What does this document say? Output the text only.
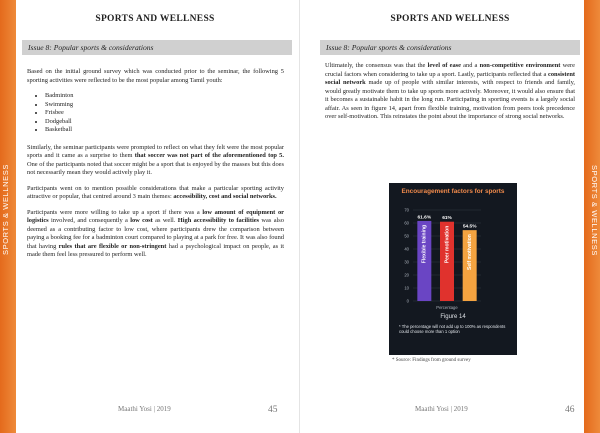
SPORTS & WELLNESS
SPORTS AND WELLNESS
Issue 8: Popular sports & considerations

Based on the initial ground survey which was conducted prior to the seminar, the following 5 sporting activities were reflected to be the most popular among Tamil youth:

• Badminton
• Swimming
• Frisbee
• Dodgeball
• Basketball

Similarly, the seminar participants were prompted to reflect on what they felt were the most popular sports and it came as a surprise to them that soccer was not part of the aforementioned top 5. One of the participants noted that soccer might be a sport that is enjoyed by the masses but this does not necessarily mean they would actively play it.

Participants went on to mention possible considerations that make a particular sporting activity attractive or popular, that centred around 3 main themes: accessibility, cost and social networks.

Participants were more willing to take up a sport if there was a low amount of equipment or logistics involved, and consequently a low cost as well. High accessibility to facilities was also deemed as a contributing factor to low cost, where participants drew the comparison between paying a booking fee for a badminton court compared to playing at a park for free. It was also found that having rules that are flexible or non-stringent had a psychological impact on people, as it made them feel less pressured to perform well.

Maathi Yosi | 2019	45
SPORTS & WELLNESS
SPORTS AND WELLNESS
Issue 8: Popular sports & considerations

Ultimately, the consensus was that the level of ease and a non-competitive environment were crucial factors when considering to take up a sport. Lastly, participants reflected that a consistent social network made up of people with similar interests, with respect to friends and family, would greatly motivate them to take up sports more actively. Moreover, it would also ensure that it becomes a sustainable habit in the long run. Participating in sporting events is a largely social affair. As seen in figure 14, apart from flexible training, motivation from peers took precedence over self-motivation. This reinstates the point about the importance of strong social networks.

Encouragement factors for sports
0
10
20
30
40
50
60
70
61.6%
Flexible training
61%
Peer motivation	54.5%
Self motivation
Percentage
Figure 14
* The percentage will not add up to 100% as respondents could choose more than 1 option
* Source: Findings from ground survey
Maathi Yosi | 2019	46
